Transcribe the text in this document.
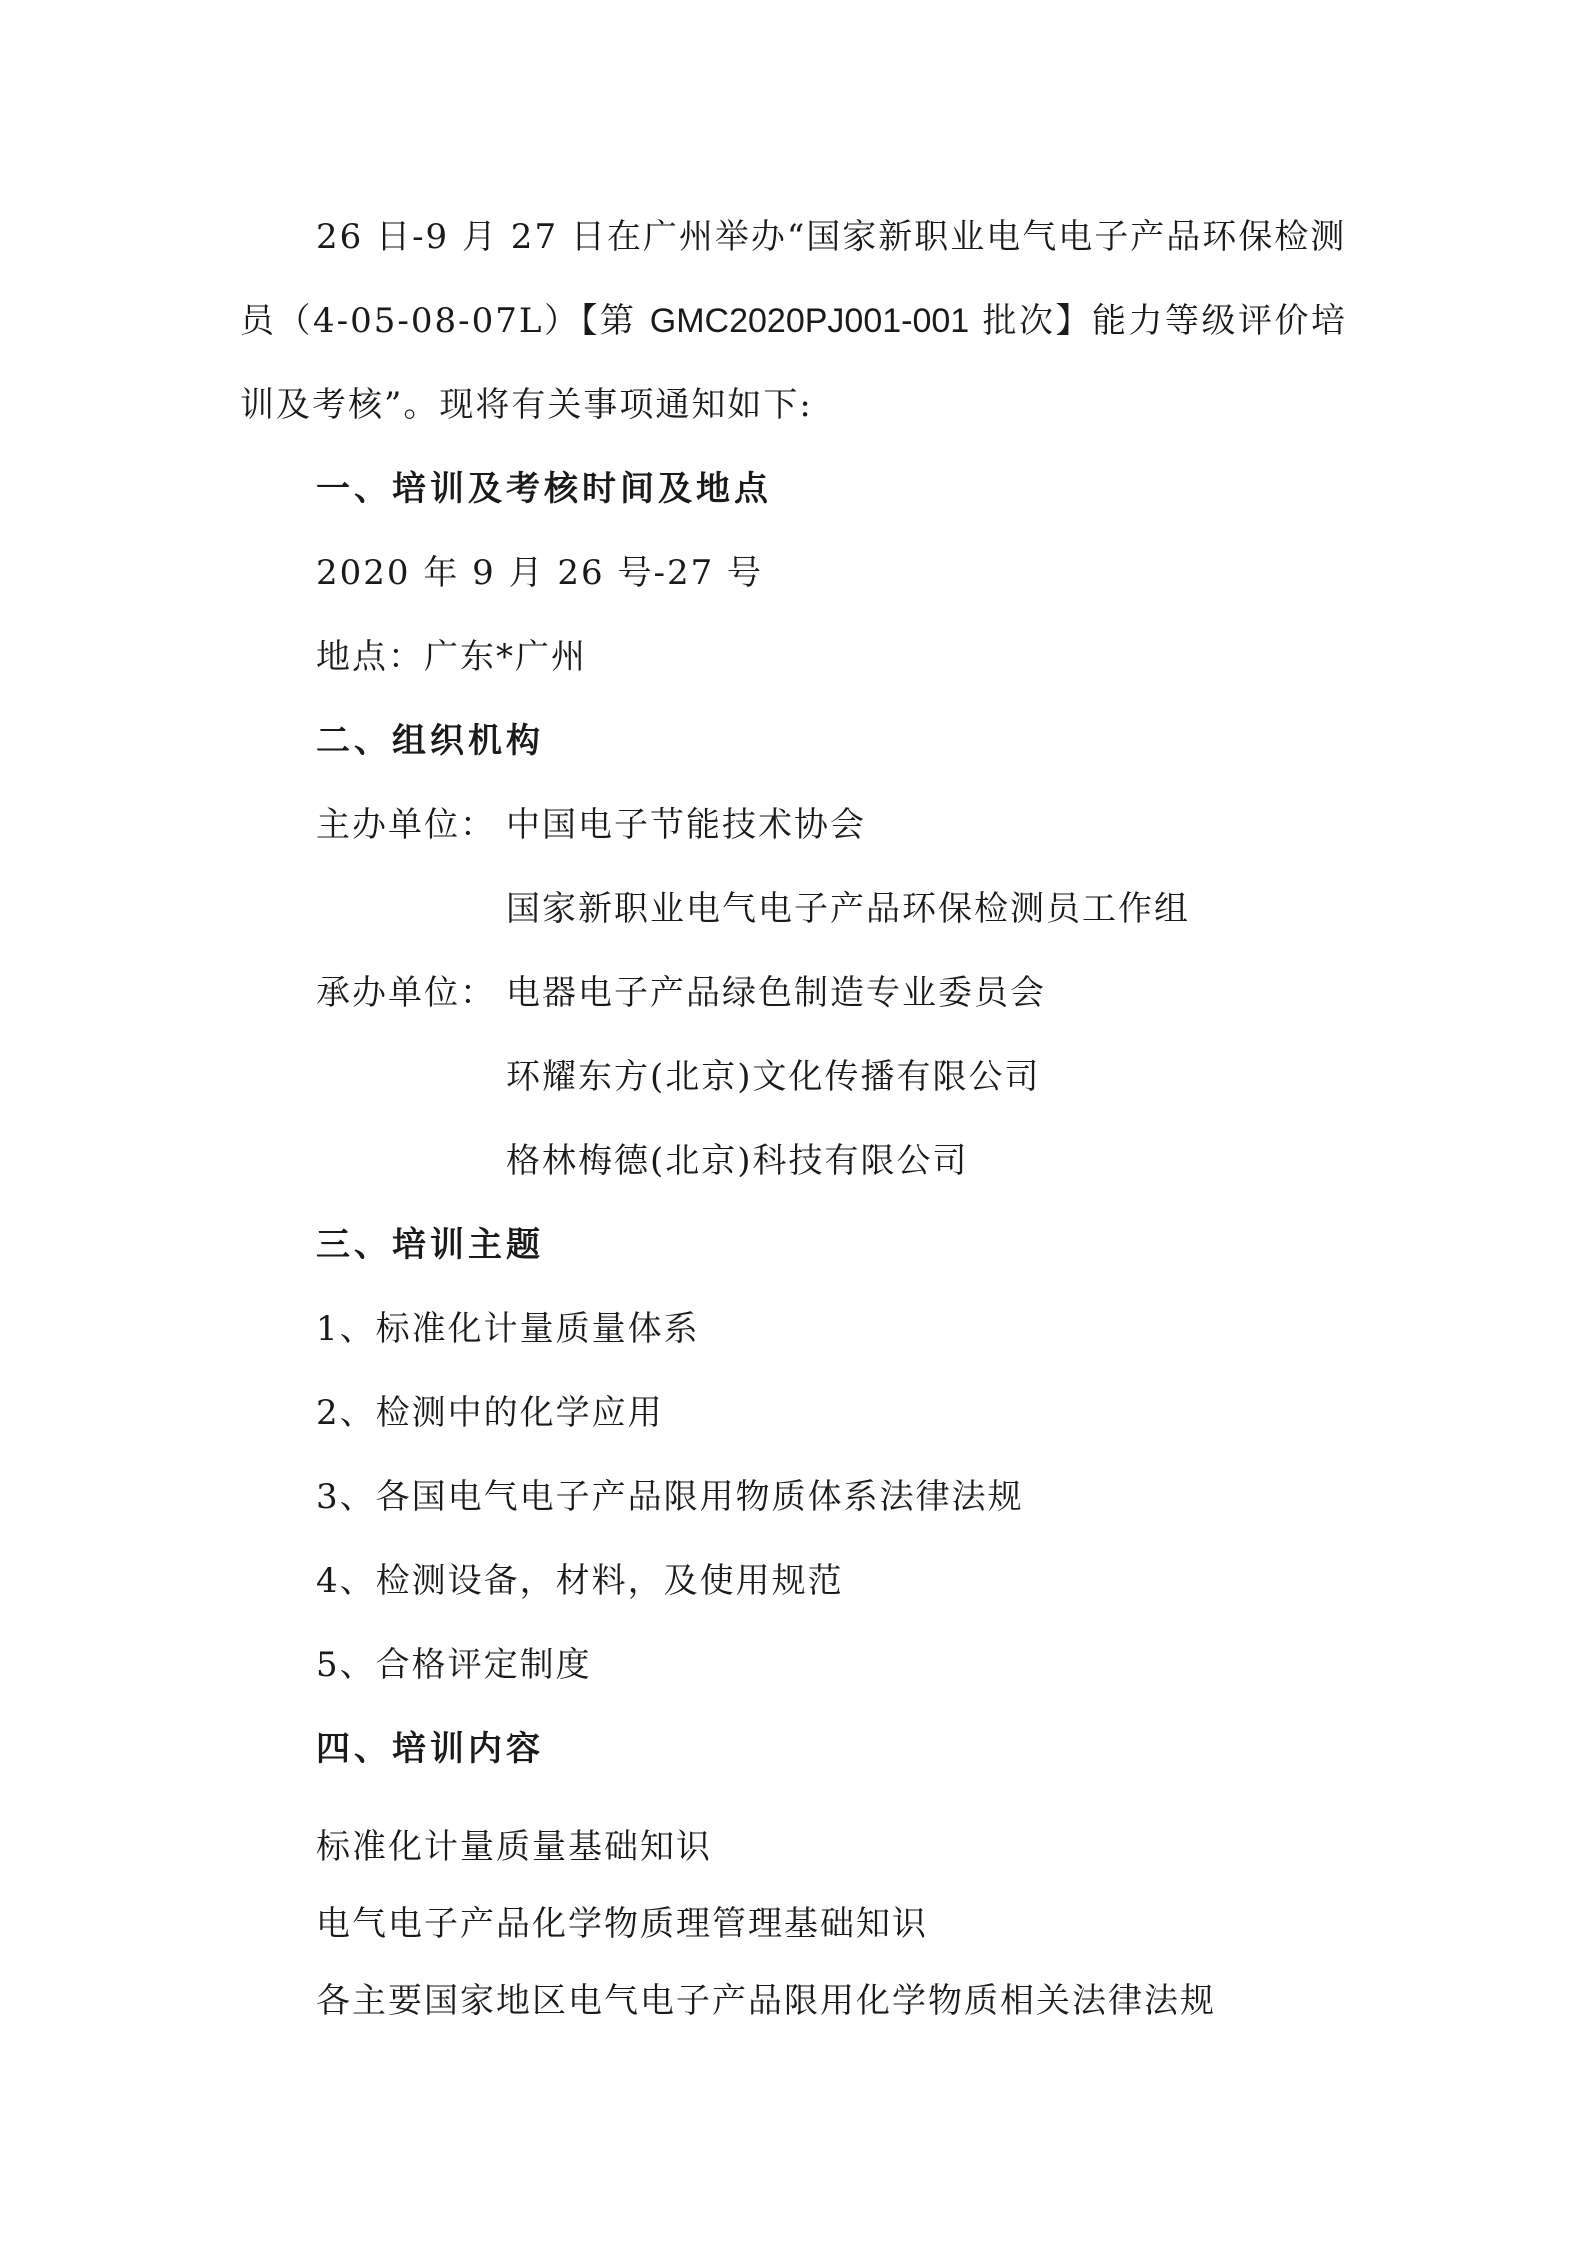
26 日-9 月 27 日在广州举办“国家新职业电气电子产品环保检测
员（4-05-08-07L）【第 GMC2020PJ001-001 批次】能力等级评价培
训及考核”。现将有关事项通知如下:
一、培训及考核时间及地点
2020 年 9 月 26 号-27 号
地点：广东*广州
二、组织机构
主办单位： 中国电子节能技术协会
国家新职业电气电子产品环保检测员工作组
承办单位： 电器电子产品绿色制造专业委员会
环耀东方(北京)文化传播有限公司
格林梅德(北京)科技有限公司
三、培训主题
1、标准化计量质量体系
2、检测中的化学应用
3、各国电气电子产品限用物质体系法律法规
4、检测设备，材料，及使用规范
5、合格评定制度
四、培训内容
标准化计量质量基础知识
电气电子产品化学物质理管理基础知识
各主要国家地区电气电子产品限用化学物质相关法律法规
